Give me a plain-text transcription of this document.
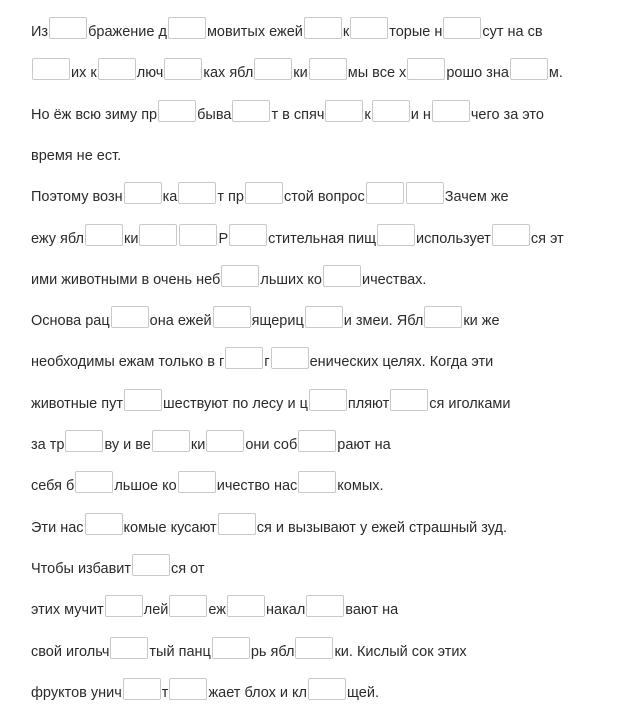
Из	бражение д	мовитых ежей	к	торые н	сут на св
их к	люч	ках ябл	ки	мы все х	рошо зна	м.
Но ёж всю зиму пр	быва	т в спяч	к	и н	чего за это
время не ест.
Поэтому возн	ка	т пр	стой вопрос	Зачем же
ежу ябл	ки	Р	стительная пищ	использует	ся эт
ими животными в очень неб	льших ко	ичествах.
Основа рац	она ежей	ящериц	и змеи. Ябл	ки же
необходимы ежам только в г	г	енических целях. Когда эти
животные пут	шествуют по лесу и ц	пляют	ся иголками
за тр	ву и ве	ки	они соб	рают на
себя б	льшое ко	ичество нас	комых.
Эти нас	комые кусают	ся и вызывают у ежей страшный зуд.
Чтобы избавит	ся от
этих мучит	лей	еж	накал	вают на
свой игольч	тый панц	рь ябл	ки. Кислый сок этих
фруктов унич	т	жает блох и кл	щей.
